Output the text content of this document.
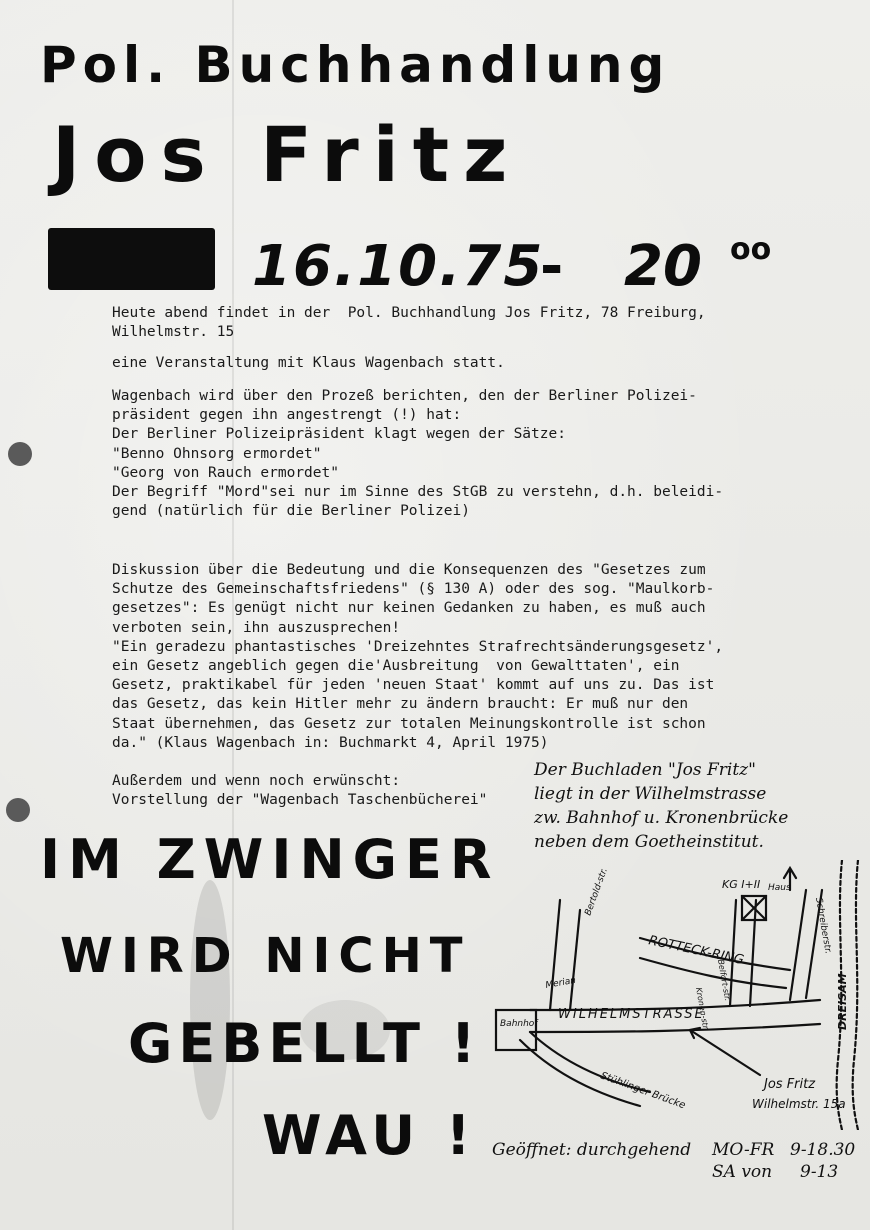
Pol. Buchhandlung

Jos Fritz

16.10.75

- 20 oo

Heute abend findet in der  Pol. Buchhandlung Jos Fritz, 78 Freiburg,
Wilhelmstr. 15

eine Veranstaltung mit Klaus Wagenbach statt.

Wagenbach wird über den Prozeß berichten, den der Berliner Polizei-
präsident gegen ihn angestrengt (!) hat:
Der Berliner Polizeipräsident klagt wegen der Sätze:
"Benno Ohnsorg ermordet"
"Georg von Rauch ermordet"
Der Begriff "Mord"sei nur im Sinne des StGB zu verstehn, d.h. beleidi-
gend (natürlich für die Berliner Polizei)

Diskussion über die Bedeutung und die Konsequenzen des "Gesetzes zum
Schutze des Gemeinschaftsfriedens" (§ 130 A) oder des sog. "Maulkorb-
gesetzes": Es genügt nicht nur keinen Gedanken zu haben, es muß auch
verboten sein, ihn auszusprechen!
"Ein geradezu phantastisches 'Dreizehntes Strafrechtsänderungsgesetz',
ein Gesetz angeblich gegen die'Ausbreitung  von Gewalttaten', ein
Gesetz, praktikabel für jeden 'neuen Staat' kommt auf uns zu. Das ist
das Gesetz, das kein Hitler mehr zu ändern braucht: Er muß nur den
Staat übernehmen, das Gesetz zur totalen Meinungskontrolle ist schon
da." (Klaus Wagenbach in: Buchmarkt 4, April 1975)

Außerdem und wenn noch erwünscht:
Vorstellung der "Wagenbach Taschenbücherei"

Der Buchladen "Jos Fritz"
liegt in der Wilhelmstrasse
zw. Bahnhof u. Kronenbrücke
neben dem Goetheinstitut.

IM ZWINGER

WIRD NICHT

GEBELLT !

WAU !

ROTTECK-RING
WILHELMSTRASSE
Bahnhof
Stühlinger Brücke
KG I+II
Bertold-str.
Schreiberstr.
Merian
Haus
Belfort-str.
Kronen-str.	DREISAM
Jos Fritz
Wilhelmstr. 15a

Geöffnet: durchgehend MO-FR 9-18.30

SA von 9-13
